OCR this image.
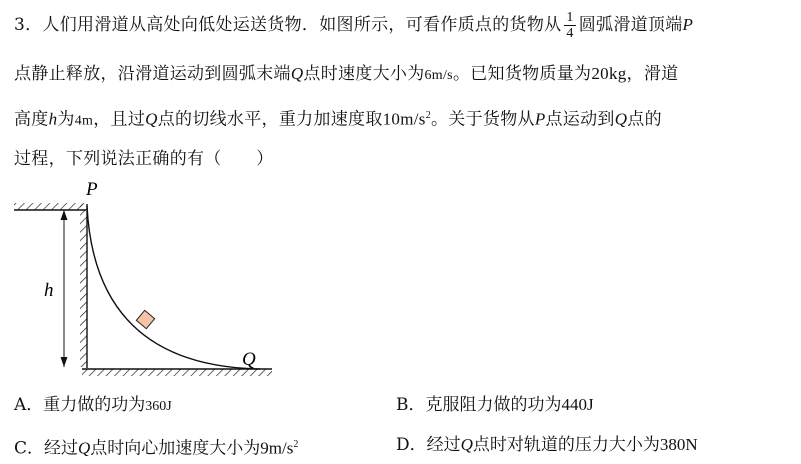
3．人们用滑道从高处向低处运送货物．如图所示，可看作质点的货物从 $\frac{1}{4}$ 圆弧滑道顶端P
点静止释放，沿滑道运动到圆弧末端Q点时速度大小为6m/s。已知货物质量为20kg，滑道
高度h为4m，且过Q点的切线水平，重力加速度取$10m/s^2$。关于货物从P点运动到Q点的
过程，下列说法正确的有（　　）
P
h
Q
A．重力做的功为360J	B．克服阻力做的功为440J
C．经过Q点时向心加速度大小为$9m/s^2$	D．经过Q点时对轨道的压力大小为380N
